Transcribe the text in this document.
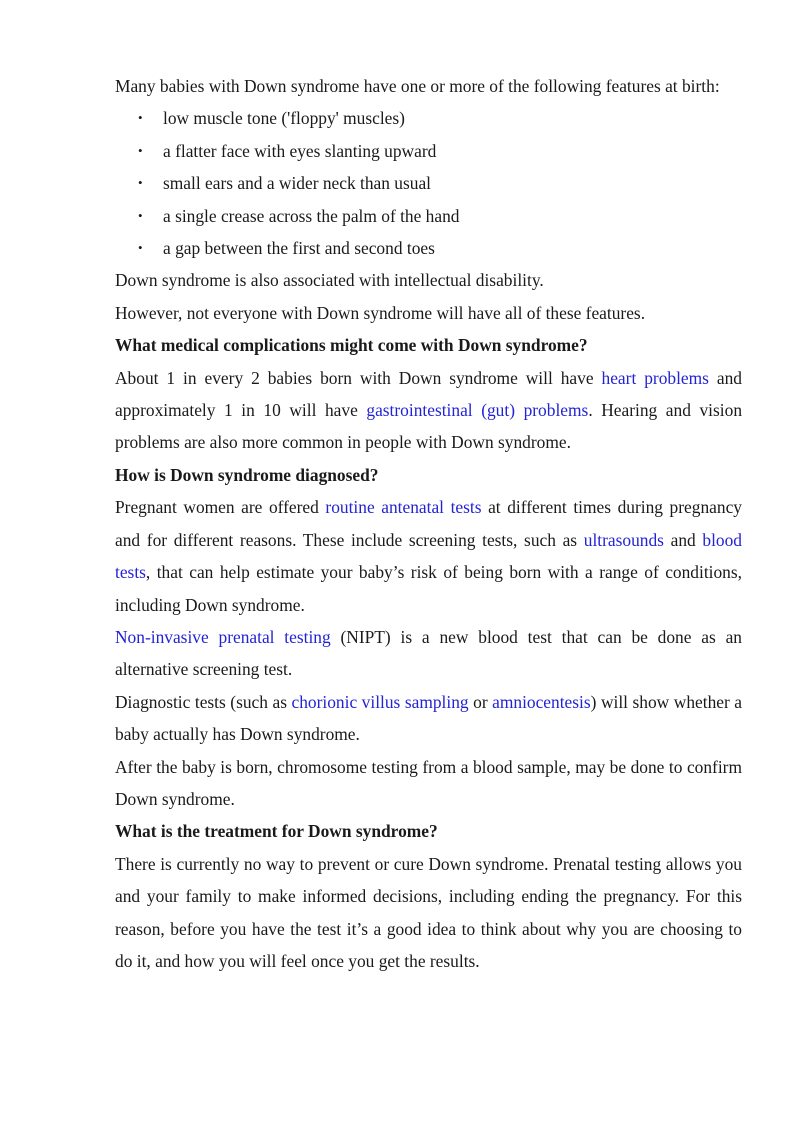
Many babies with Down syndrome have one or more of the following features at birth:

• low muscle tone ('floppy' muscles)
• a flatter face with eyes slanting upward
• small ears and a wider neck than usual
• a single crease across the palm of the hand
• a gap between the first and second toes

Down syndrome is also associated with intellectual disability.

However, not everyone with Down syndrome will have all of these features.

What medical complications might come with Down syndrome?

About 1 in every 2 babies born with Down syndrome will have heart problems and approximately 1 in 10 will have gastrointestinal (gut) problems. Hearing and vision problems are also more common in people with Down syndrome.

How is Down syndrome diagnosed?

Pregnant women are offered routine antenatal tests at different times during pregnancy and for different reasons. These include screening tests, such as ultrasounds and blood tests, that can help estimate your baby’s risk of being born with a range of conditions, including Down syndrome.

Non-invasive prenatal testing (NIPT) is a new blood test that can be done as an alternative screening test.

Diagnostic tests (such as chorionic villus sampling or amniocentesis) will show whether a baby actually has Down syndrome.

After the baby is born, chromosome testing from a blood sample, may be done to confirm Down syndrome.

What is the treatment for Down syndrome?

There is currently no way to prevent or cure Down syndrome. Prenatal testing allows you and your family to make informed decisions, including ending the pregnancy. For this reason, before you have the test it’s a good idea to think about why you are choosing to do it, and how you will feel once you get the results.
